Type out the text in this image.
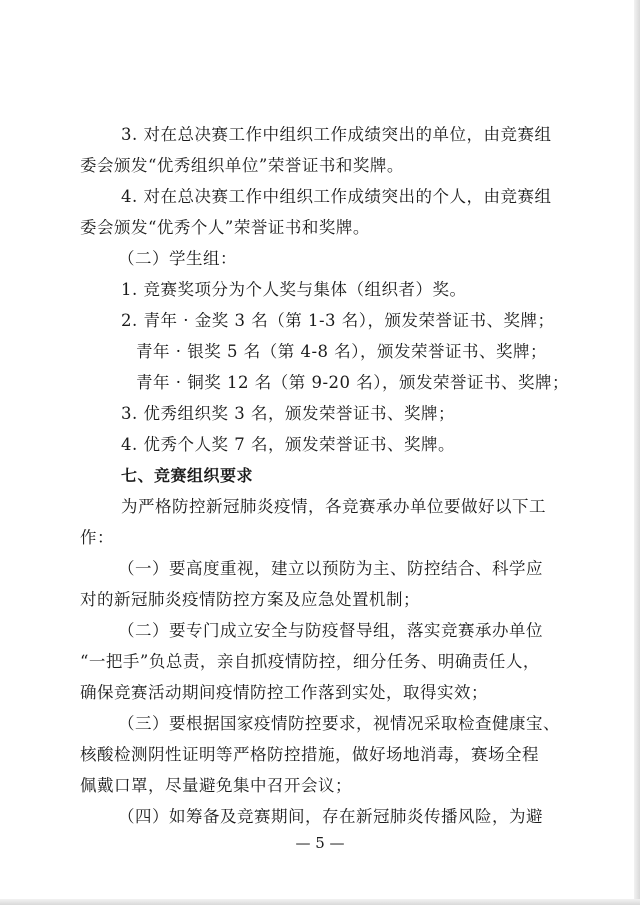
3. 对在总决赛工作中组织工作成绩突出的单位，由竞赛组
委会颁发“优秀组织单位”荣誉证书和奖牌。
4. 对在总决赛工作中组织工作成绩突出的个人，由竞赛组
委会颁发“优秀个人”荣誉证书和奖牌。
（二）学生组：
1. 竞赛奖项分为个人奖与集体（组织者）奖。
2. 青年 · 金奖 3 名（第 1-3 名），颁发荣誉证书、奖牌；
青年 · 银奖 5 名（第 4-8 名），颁发荣誉证书、奖牌；
青年 · 铜奖 12 名（第 9-20 名），颁发荣誉证书、奖牌；
3. 优秀组织奖 3 名，颁发荣誉证书、奖牌；
4. 优秀个人奖 7 名，颁发荣誉证书、奖牌。
七、竞赛组织要求
为严格防控新冠肺炎疫情，各竞赛承办单位要做好以下工
作：
（一）要高度重视，建立以预防为主、防控结合、科学应
对的新冠肺炎疫情防控方案及应急处置机制；
（二）要专门成立安全与防疫督导组，落实竞赛承办单位
“一把手”负总责，亲自抓疫情防控，细分任务、明确责任人，
确保竞赛活动期间疫情防控工作落到实处，取得实效；
（三）要根据国家疫情防控要求，视情况采取检查健康宝、
核酸检测阴性证明等严格防控措施，做好场地消毒，赛场全程
佩戴口罩，尽量避免集中召开会议；
（四）如筹备及竞赛期间，存在新冠肺炎传播风险，为避
— 5 —
